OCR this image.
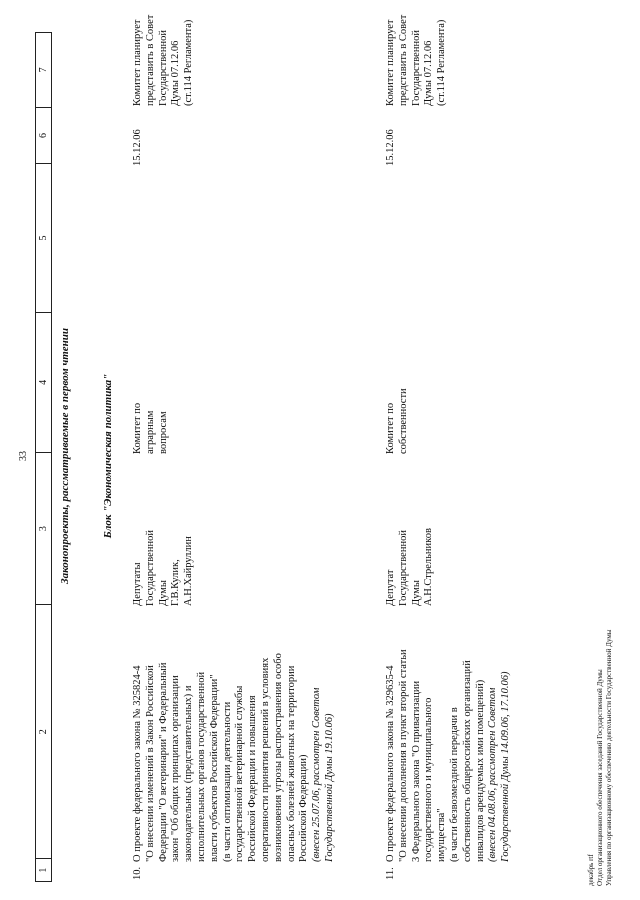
33
1
2
3
4
5
6
7
Законопроекты, рассматриваемые в первом чтении	Блок "Экономическая политика"
10.
О проекте федерального закона № 325824-4 "О внесении изменений в Закон Российской Федерации "О ветеринарии" и Федеральный закон "Об общих принципах организации законодательных (представительных) и исполнительных органов государственной власти субъектов Российской Федерации" (в части оптимизации деятельности государственной ветеринарной службы Российской Федерации и повышения оперативности принятия решений в условиях возникновения угрозы распространения особо опасных болезней животных на территории Российской Федерации) (внесен 25.07.06, рассмотрен Советом Государственной Думы 19.10.06)
Депутаты Государственной Думы Г.В.Кулик, А.Н.Хайруллин
Комитет по аграрным вопросам
15.12.06
Комитет планирует представить в Совет Государственной Думы 07.12.06 (ст.114 Регламента)
11.
О проекте федерального закона № 329635-4 "О внесении дополнения в пункт второй статьи 3 Федерального закона "О приватизации государственного и муниципального имущества" (в части безвозмездной передачи в собственность общероссийских организаций инвалидов арендуемых ими помещений) (внесен 04.08.06, рассмотрен Советом Государственной Думы 14.09.06, 17.10.06)
Депутат Государственной Думы А.Н.Стрельников
Комитет по собственности
15.12.06
Комитет планирует представить в Совет Государственной Думы 07.12.06 (ст.114 Регламента)
декабрь rtf Отдел организационного обеспечения заседаний Государственной Думы Управления по организационному обеспечению деятельности Государственной Думы
